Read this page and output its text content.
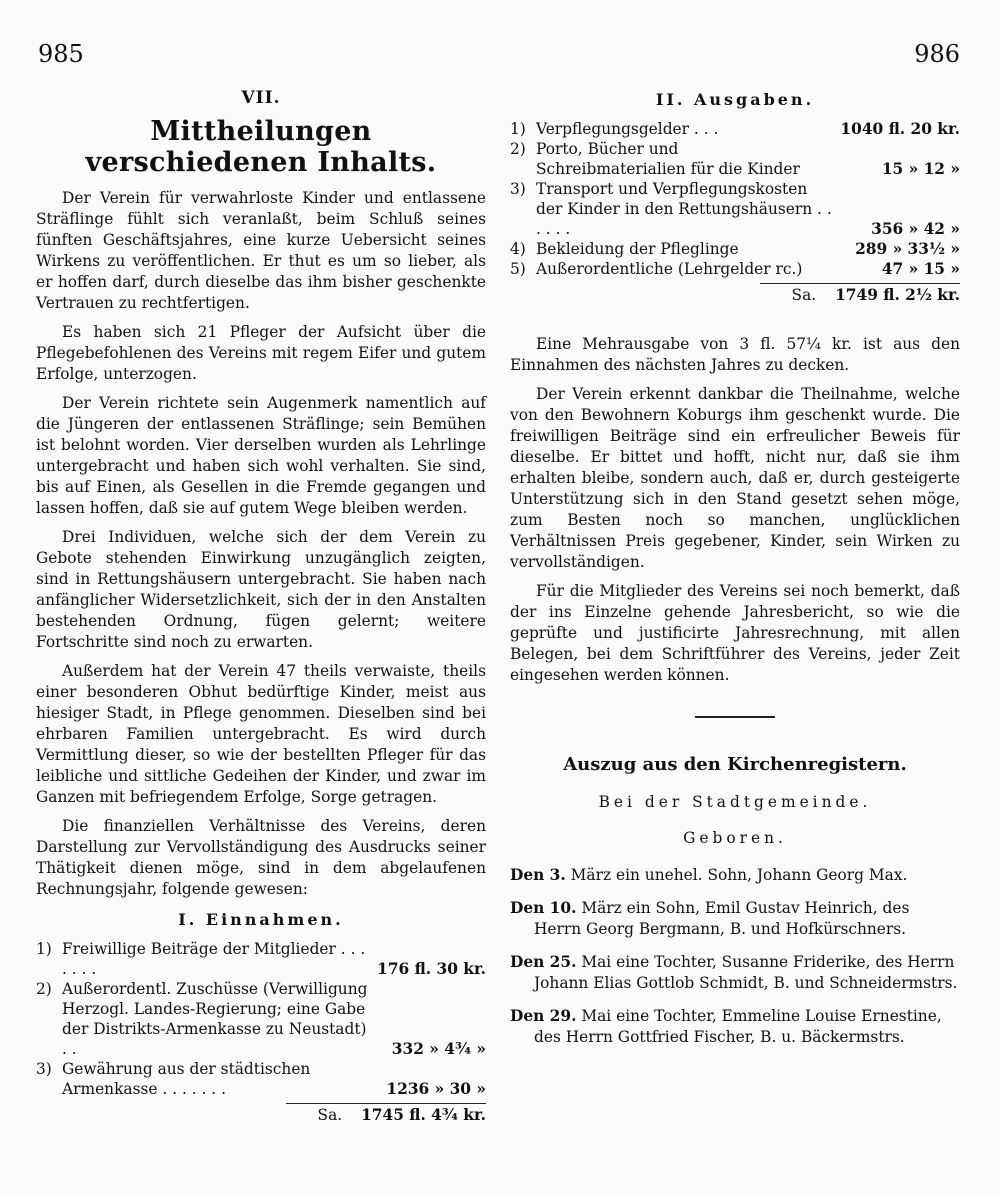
985	986
VII.
Mittheilungen verschiedenen Inhalts.

Der Verein für verwahrloste Kinder und entlassene Sträflinge fühlt sich veranlaßt, beim Schluß seines fünften Geschäftsjahres, eine kurze Uebersicht seines Wirkens zu veröffentlichen. Er thut es um so lieber, als er hoffen darf, durch dieselbe das ihm bisher geschenkte Vertrauen zu rechtfertigen.

Es haben sich 21 Pfleger der Aufsicht über die Pflegebefohlenen des Vereins mit regem Eifer und gutem Erfolge, unterzogen.

Der Verein richtete sein Augenmerk namentlich auf die Jüngeren der entlassenen Sträflinge; sein Bemühen ist belohnt worden. Vier derselben wurden als Lehrlinge untergebracht und haben sich wohl verhalten. Sie sind, bis auf Einen, als Gesellen in die Fremde gegangen und lassen hoffen, daß sie auf gutem Wege bleiben werden.

Drei Individuen, welche sich der dem Verein zu Gebote stehenden Einwirkung unzugänglich zeigten, sind in Rettungshäusern untergebracht. Sie haben nach anfänglicher Widersetzlichkeit, sich der in den Anstalten bestehenden Ordnung, fügen gelernt; weitere Fortschritte sind noch zu erwarten.

Außerdem hat der Verein 47 theils verwaiste, theils einer besonderen Obhut bedürftige Kinder, meist aus hiesiger Stadt, in Pflege genommen. Dieselben sind bei ehrbaren Familien untergebracht. Es wird durch Vermittlung dieser, so wie der bestellten Pfleger für das leibliche und sittliche Gedeihen der Kinder, und zwar im Ganzen mit befriegendem Erfolge, Sorge getragen.

Die finanziellen Verhältnisse des Vereins, deren Darstellung zur Vervollständigung des Ausdrucks seiner Thätigkeit dienen möge, sind in dem abgelaufenen Rechnungsjahr, folgende gewesen:

I. Einnahmen.
1)	Freiwillige Beiträge der Mitglieder . . . . . . .	176 fl. 30 kr.
2)	Außerordentl. Zuschüsse (Verwilligung Herzogl. Landes-Regierung; eine Gabe der Distrikts-Armenkasse zu Neustadt) . .	332 » 4¾ »
3)	Gewährung aus der städtischen Armenkasse . . . . . . .	1236 » 30 »
Sa. 1745 fl. 4¾ kr.
II. Ausgaben.
1)	Verpflegungsgelder . . .	1040 fl. 20 kr.
2)	Porto, Bücher und Schreibmaterialien für die Kinder	15 » 12 »
3)	Transport und Verpflegungskosten der Kinder in den Rettungshäusern . . . . . .	356 » 42 »
4)	Bekleidung der Pfleglinge	289 » 33½ »
5)	Außerordentliche (Lehrgelder rc.)	47 » 15 »
Sa. 1749 fl. 2½ kr.

Eine Mehrausgabe von 3 fl. 57¼ kr. ist aus den Einnahmen des nächsten Jahres zu decken.

Der Verein erkennt dankbar die Theilnahme, welche von den Bewohnern Koburgs ihm geschenkt wurde. Die freiwilligen Beiträge sind ein erfreulicher Beweis für dieselbe. Er bittet und hofft, nicht nur, daß sie ihm erhalten bleibe, sondern auch, daß er, durch gesteigerte Unterstützung sich in den Stand gesetzt sehen möge, zum Besten noch so manchen, unglücklichen Verhältnissen Preis gegebener, Kinder, sein Wirken zu vervollständigen.

Für die Mitglieder des Vereins sei noch bemerkt, daß der ins Einzelne gehende Jahresbericht, so wie die geprüfte und justificirte Jahresrechnung, mit allen Belegen, bei dem Schriftführer des Vereins, jeder Zeit eingesehen werden können.

Auszug aus den Kirchenregistern.
Bei der Stadtgemeinde.
Geboren.
Den 3. März ein unehel. Sohn, Johann Georg Max.
Den 10. März ein Sohn, Emil Gustav Heinrich, des Herrn Georg Bergmann, B. und Hofkürschners.
Den 25. Mai eine Tochter, Susanne Friderike, des Herrn Johann Elias Gottlob Schmidt, B. und Schneidermstrs.
Den 29. Mai eine Tochter, Emmeline Louise Ernestine, des Herrn Gottfried Fischer, B. u. Bäckermstrs.
